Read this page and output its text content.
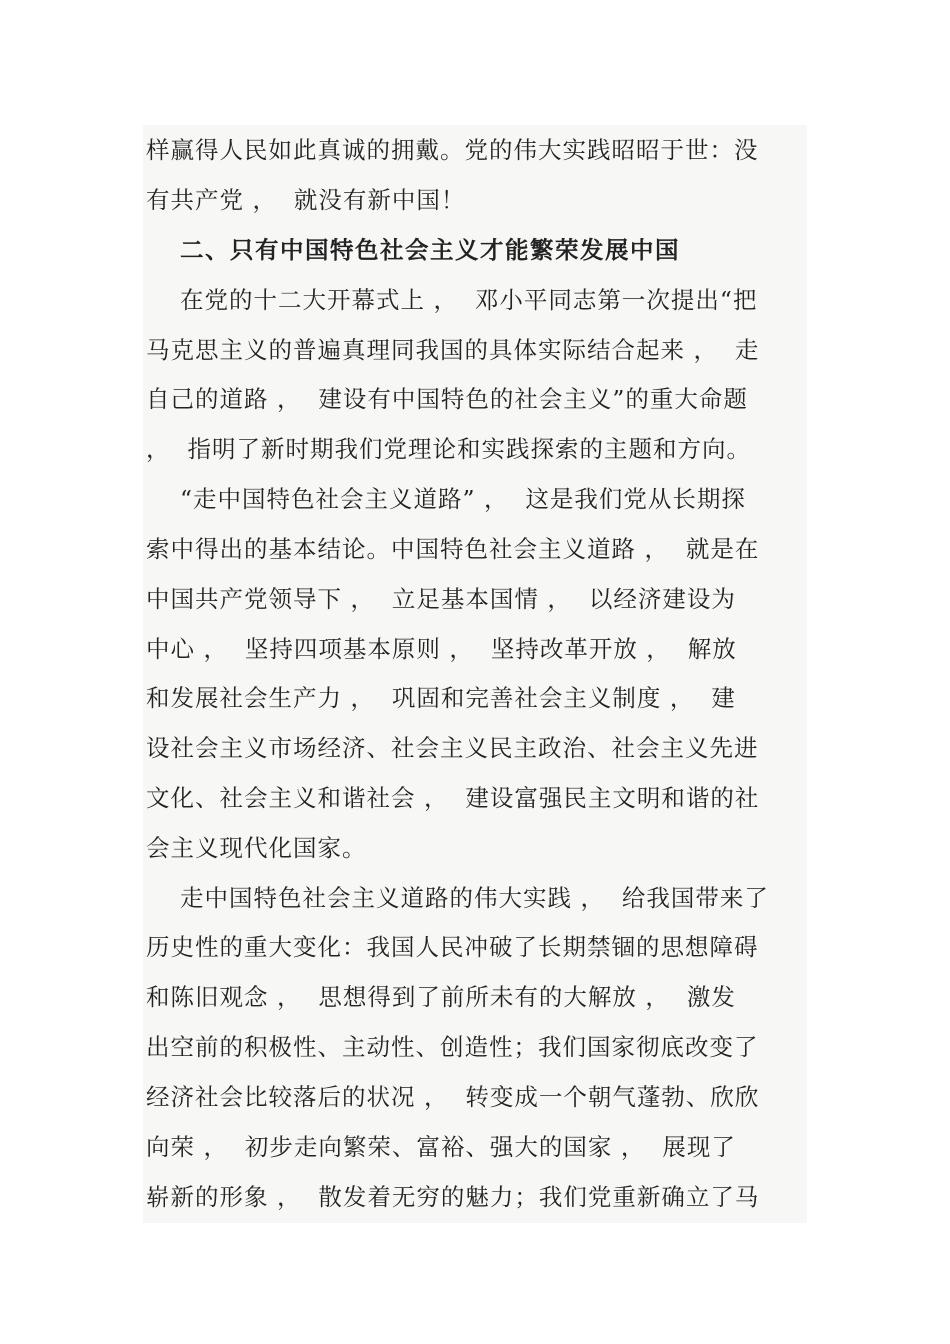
样赢得人民如此真诚的拥戴。党的伟大实践昭昭于世：没
有共产党 ，  就没有新中国！
二、只有中国特色社会主义才能繁荣发展中国
在党的十二大开幕式上 ，  邓小平同志第一次提出“把
马克思主义的普遍真理同我国的具体实际结合起来 ，  走
自己的道路 ，  建设有中国特色的社会主义”的重大命题
，  指明了新时期我们党理论和实践探索的主题和方向。
“走中国特色社会主义道路” ，  这是我们党从长期探
索中得出的基本结论。中国特色社会主义道路 ，  就是在
中国共产党领导下 ，  立足基本国情 ，  以经济建设为
中心 ，  坚持四项基本原则 ，  坚持改革开放 ，  解放
和发展社会生产力 ，  巩固和完善社会主义制度 ，  建
设社会主义市场经济、社会主义民主政治、社会主义先进
文化、社会主义和谐社会 ，  建设富强民主文明和谐的社
会主义现代化国家。
走中国特色社会主义道路的伟大实践 ，  给我国带来了
历史性的重大变化：我国人民冲破了长期禁锢的思想障碍
和陈旧观念 ，  思想得到了前所未有的大解放 ，  激发
出空前的积极性、主动性、创造性；我们国家彻底改变了
经济社会比较落后的状况 ，  转变成一个朝气蓬勃、欣欣
向荣 ，  初步走向繁荣、富裕、强大的国家 ，  展现了
崭新的形象 ，  散发着无穷的魅力；我们党重新确立了马
